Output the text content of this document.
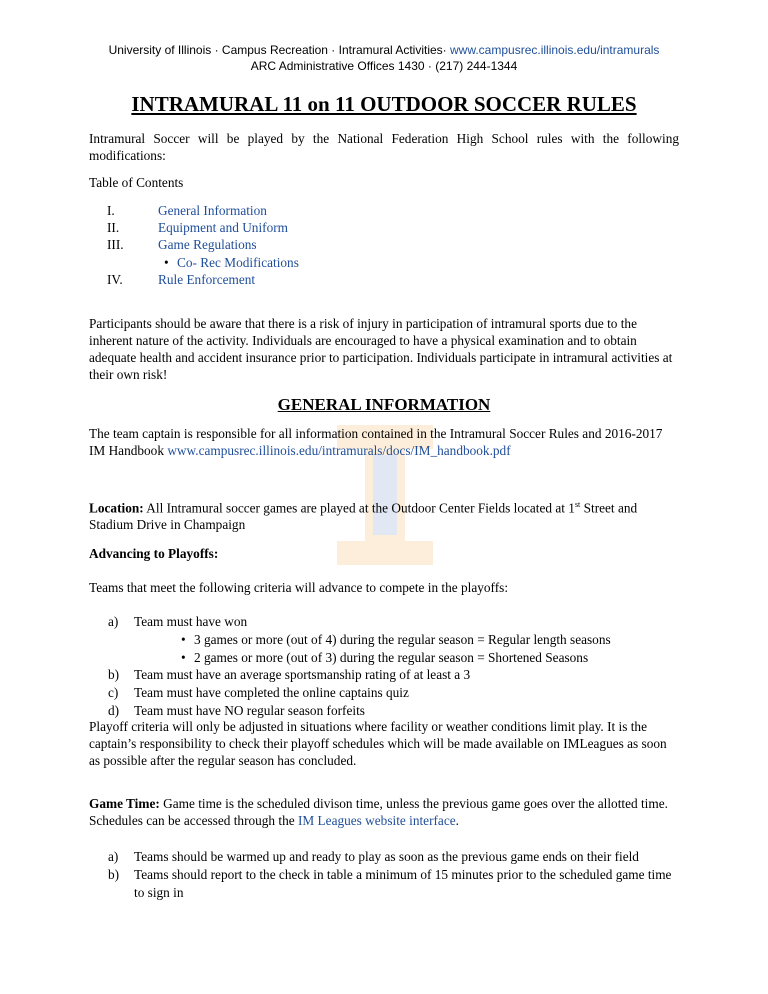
University of Illinois · Campus Recreation · Intramural Activities· www.campusrec.illinois.edu/intramurals
ARC Administrative Offices 1430 · (217) 244-1344
INTRAMURAL 11 on 11 OUTDOOR SOCCER RULES

Intramural Soccer will be played by the National Federation High School rules with the following modifications:

Table of Contents

I.	General Information
II.	Equipment and Uniform
III.	Game Regulations
• Co- Rec Modifications
IV.	Rule Enforcement

Participants should be aware that there is a risk of injury in participation of intramural sports due to the inherent nature of the activity. Individuals are encouraged to have a physical examination and to obtain adequate health and accident insurance prior to participation. Individuals participate in intramural activities at their own risk!

GENERAL INFORMATION

The team captain is responsible for all information contained in the Intramural Soccer Rules and 2016-2017 IM Handbook www.campusrec.illinois.edu/intramurals/docs/IM_handbook.pdf

Location: All Intramural soccer games are played at the Outdoor Center Fields located at 1st Street and Stadium Drive in Champaign

Advancing to Playoffs:

Teams that meet the following criteria will advance to compete in the playoffs:

a)	Team must have won
• 3 games or more (out of 4) during the regular season = Regular length seasons
• 2 games or more (out of 3) during the regular season = Shortened Seasons
b)	Team must have an average sportsmanship rating of at least a 3
c)	Team must have completed the online captains quiz
d)	Team must have NO regular season forfeits

Playoff criteria will only be adjusted in situations where facility or weather conditions limit play. It is the captain’s responsibility to check their playoff schedules which will be made available on IMLeagues as soon as possible after the regular season has concluded.

Game Time: Game time is the scheduled divison time, unless the previous game goes over the allotted time. Schedules can be accessed through the IM Leagues website interface.

a)	Teams should be warmed up and ready to play as soon as the previous game ends on their field
b)	Teams should report to the check in table a minimum of 15 minutes prior to the scheduled game time to sign in
